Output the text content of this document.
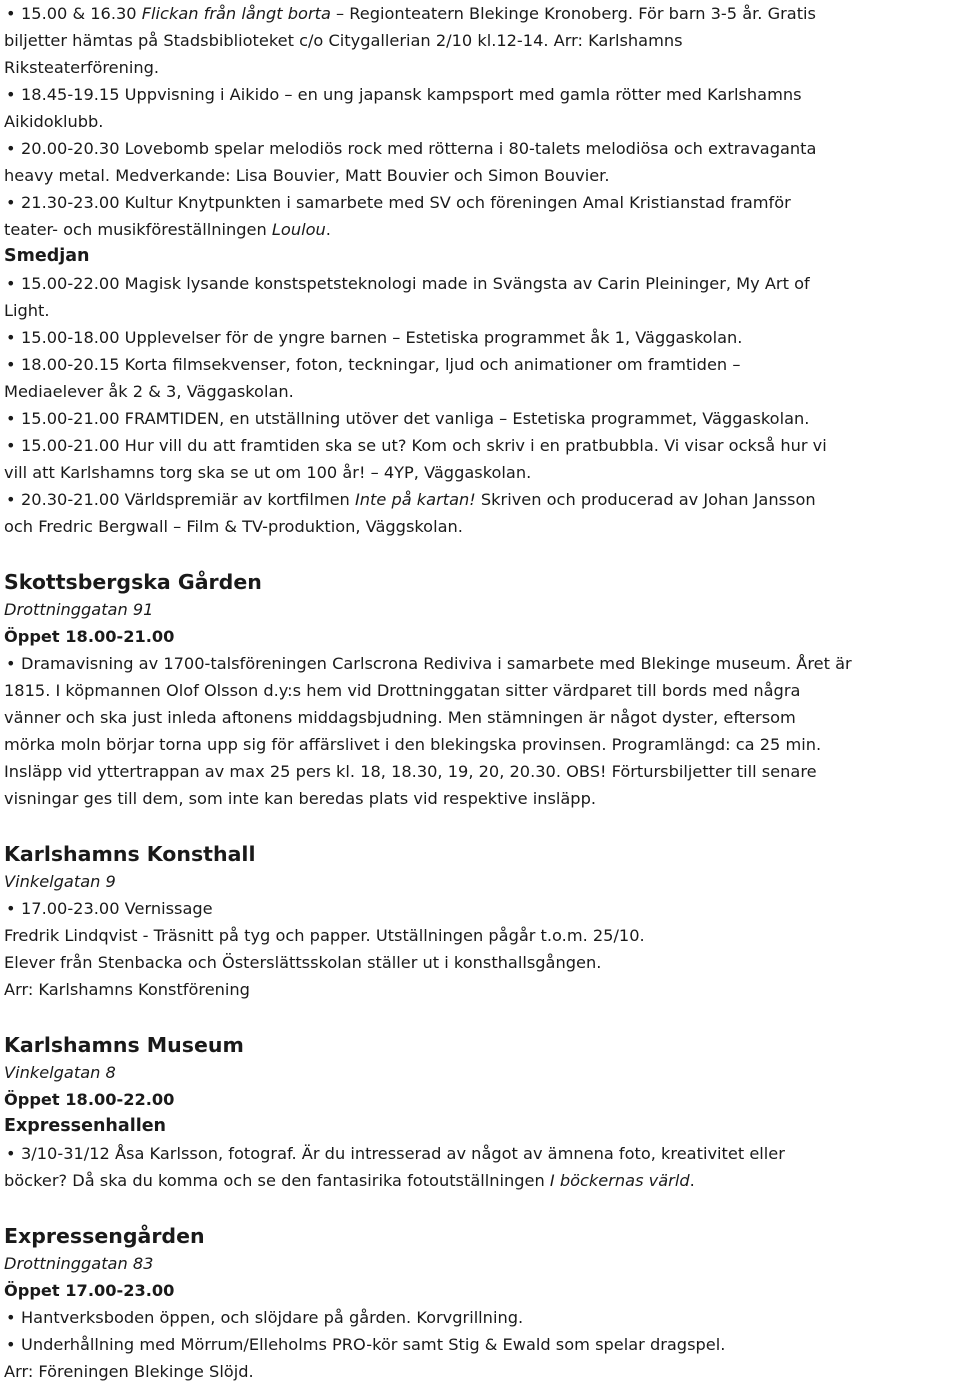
• 15.00 & 16.30 Flickan från långt borta – Regionteatern Blekinge Kronoberg. För barn 3-5 år. Gratis
biljetter hämtas på Stadsbiblioteket c/o Citygallerian 2/10 kl.12-14. Arr: Karlshamns
Riksteaterförening.
• 18.45-19.15 Uppvisning i Aikido – en ung japansk kampsport med gamla rötter med Karlshamns
Aikidoklubb.
• 20.00-20.30 Lovebomb spelar melodiös rock med rötterna i 80-talets melodiösa och extravaganta
heavy metal. Medverkande: Lisa Bouvier, Matt Bouvier och Simon Bouvier.
• 21.30-23.00 Kultur Knytpunkten i samarbete med SV och föreningen Amal Kristianstad framför
teater- och musikföreställningen Loulou.
Smedjan
• 15.00-22.00 Magisk lysande konstspetsteknologi made in Svängsta av Carin Pleininger, My Art of
Light.
• 15.00-18.00 Upplevelser för de yngre barnen – Estetiska programmet åk 1, Väggaskolan.
• 18.00-20.15 Korta filmsekvenser, foton, teckningar, ljud och animationer om framtiden –
Mediaelever åk 2 & 3, Väggaskolan.
• 15.00-21.00 FRAMTIDEN, en utställning utöver det vanliga – Estetiska programmet, Väggaskolan.
• 15.00-21.00 Hur vill du att framtiden ska se ut? Kom och skriv i en pratbubbla. Vi visar också hur vi
vill att Karlshamns torg ska se ut om 100 år! – 4YP, Väggaskolan.
• 20.30-21.00 Världspremiär av kortfilmen Inte på kartan! Skriven och producerad av Johan Jansson
och Fredric Bergwall – Film & TV-produktion, Väggskolan.
Skottsbergska Gården
Drottninggatan 91
Öppet 18.00-21.00
• Dramavisning av 1700-talsföreningen Carlscrona Rediviva i samarbete med Blekinge museum. Året är
1815. I köpmannen Olof Olsson d.y:s hem vid Drottninggatan sitter värdparet till bords med några
vänner och ska just inleda aftonens middagsbjudning. Men stämningen är något dyster, eftersom
mörka moln börjar torna upp sig för affärslivet i den blekingska provinsen. Programlängd: ca 25 min.
Insläpp vid yttertrappan av max 25 pers kl. 18, 18.30, 19, 20, 20.30. OBS! Förtursbiljetter till senare
visningar ges till dem, som inte kan beredas plats vid respektive insläpp.
Karlshamns Konsthall
Vinkelgatan 9
• 17.00-23.00 Vernissage
Fredrik Lindqvist - Träsnitt på tyg och papper. Utställningen pågår t.o.m. 25/10.
Elever från Stenbacka och Österslättsskolan ställer ut i konsthallsgången.
Arr: Karlshamns Konstförening
Karlshamns Museum
Vinkelgatan 8
Öppet 18.00-22.00
Expressenhallen
• 3/10-31/12 Åsa Karlsson, fotograf. Är du intresserad av något av ämnena foto, kreativitet eller
böcker? Då ska du komma och se den fantasirika fotoutställningen I böckernas värld.
Expressengården
Drottninggatan 83
Öppet 17.00-23.00
• Hantverksboden öppen, och slöjdare på gården. Korvgrillning.
• Underhållning med Mörrum/Elleholms PRO-kör samt Stig & Ewald som spelar dragspel.
Arr: Föreningen Blekinge Slöjd.
